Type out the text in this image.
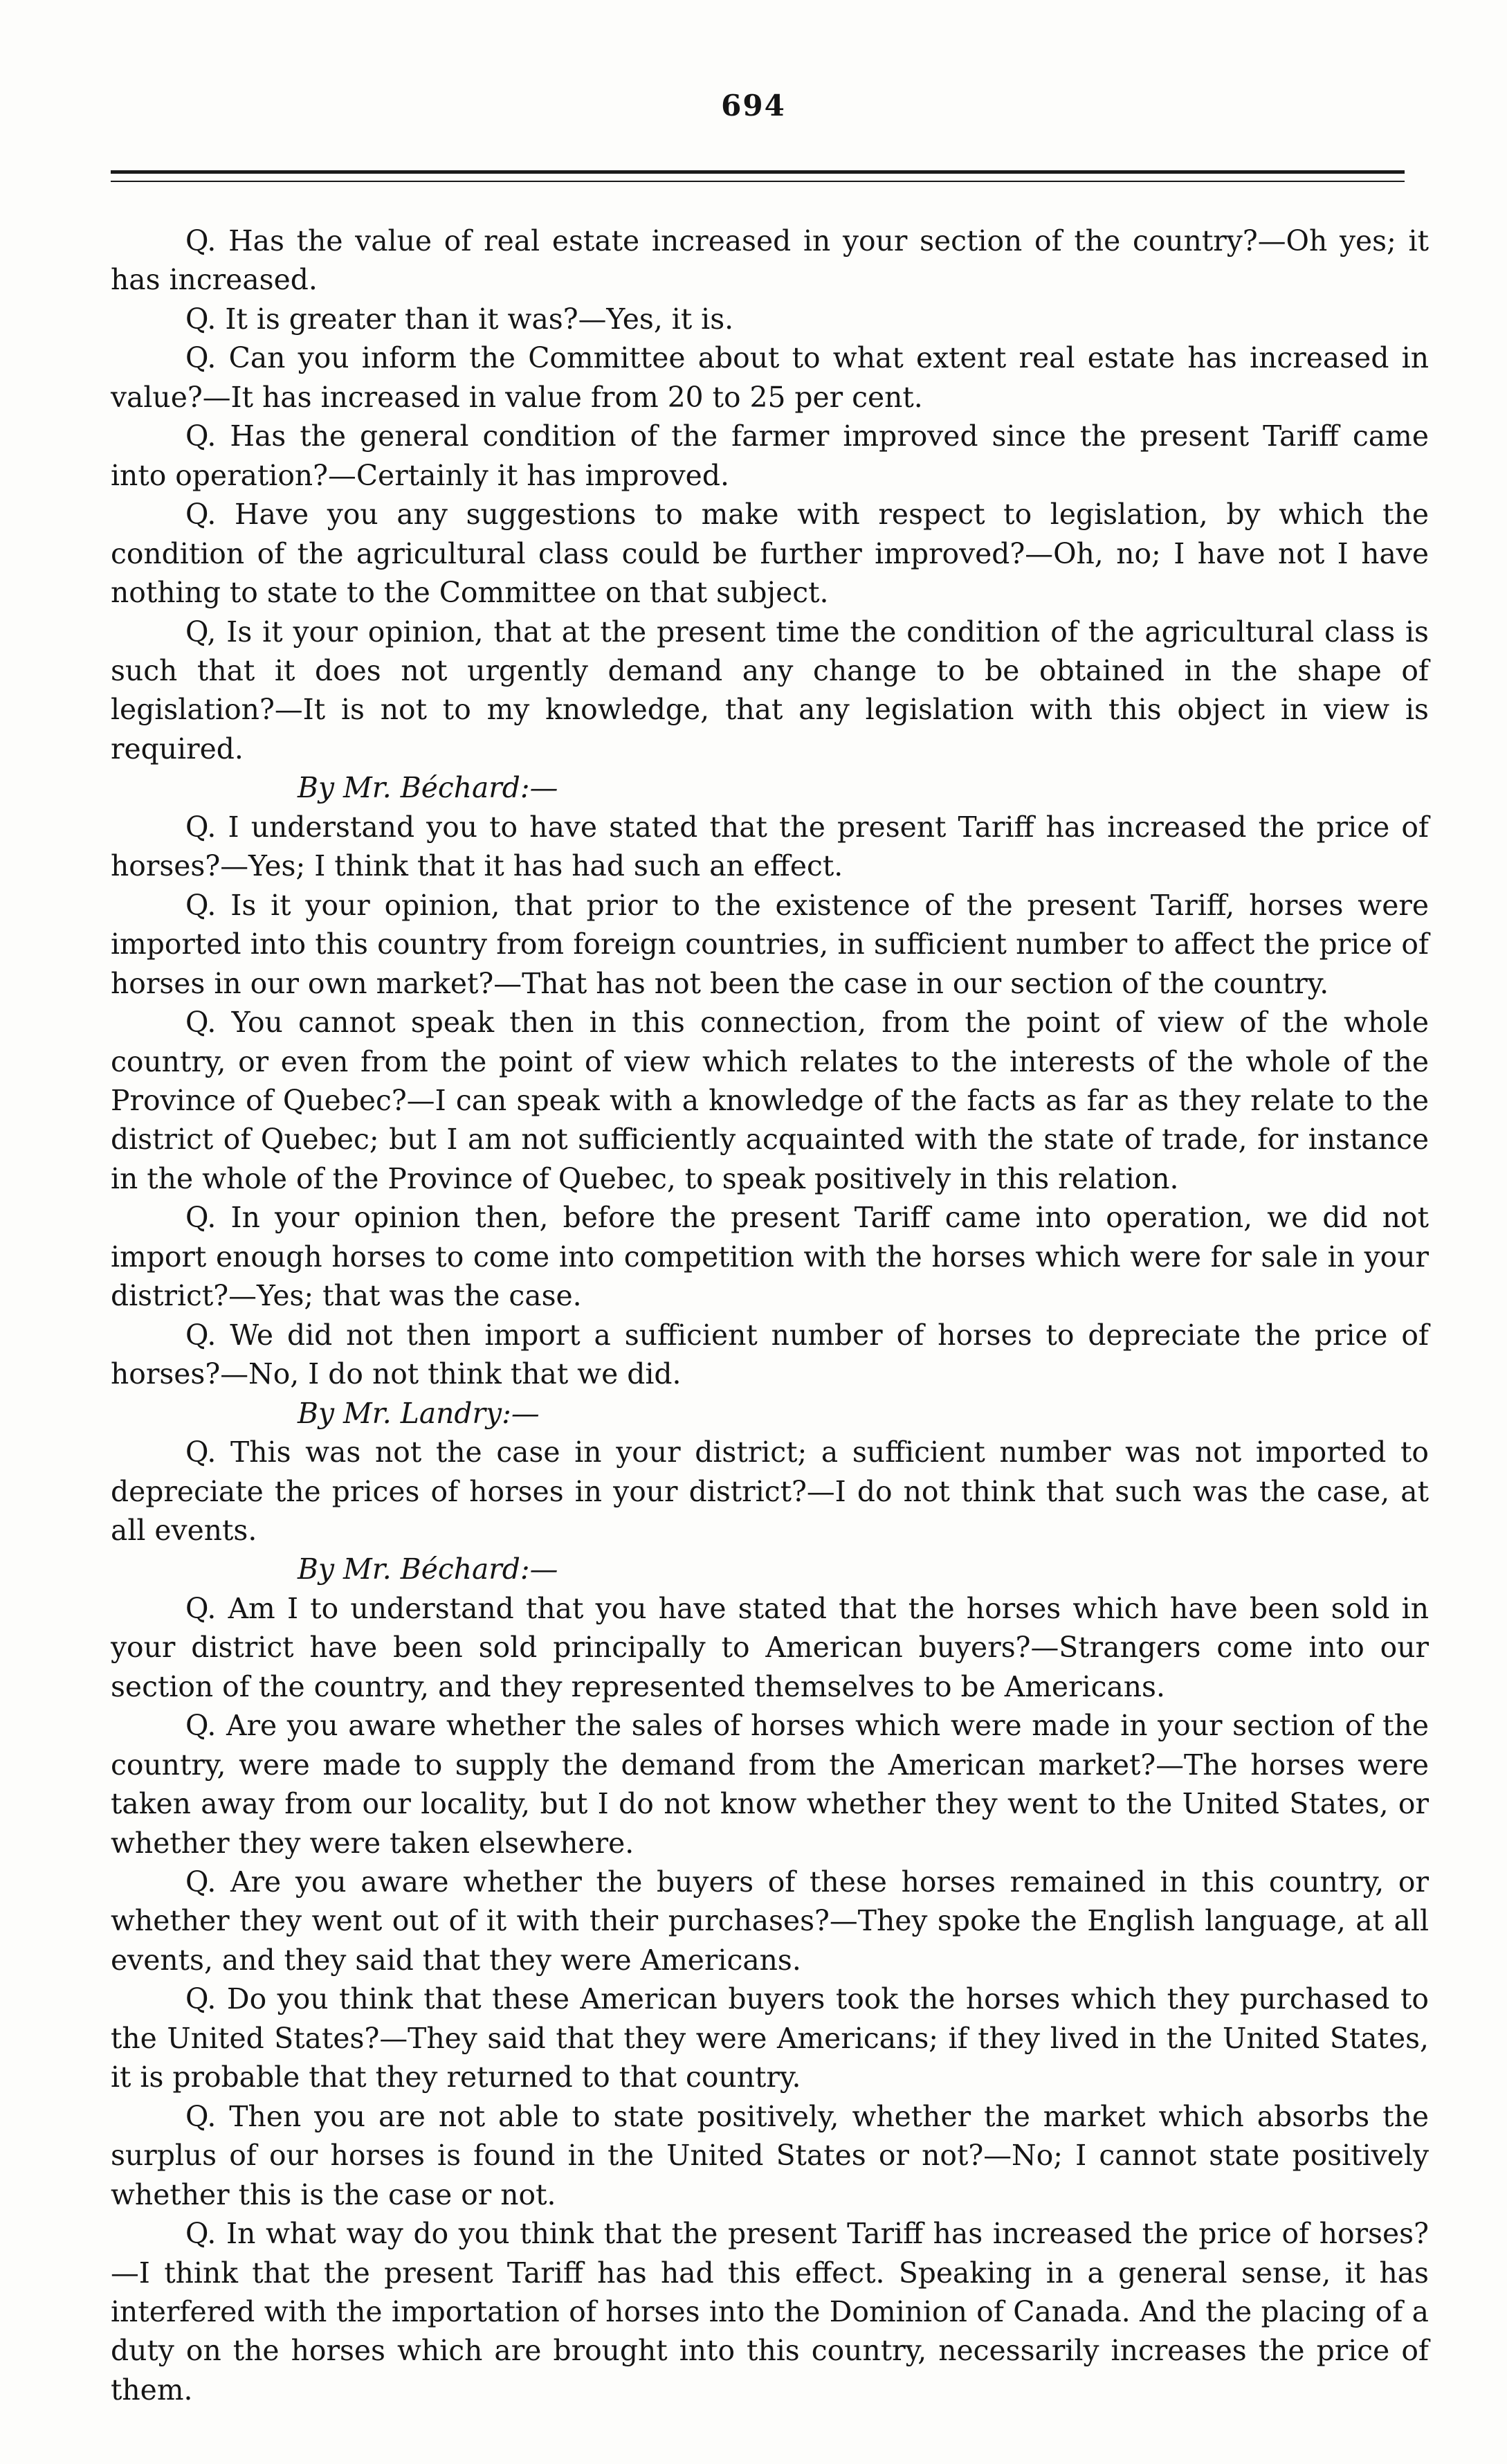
694

Q. Has the value of real estate increased in your section of the country?—Oh yes; it has increased.

Q. It is greater than it was?—Yes, it is.

Q. Can you inform the Committee about to what extent real estate has increased in value?—It has increased in value from 20 to 25 per cent.

Q. Has the general condition of the farmer improved since the present Tariff came into operation?—Certainly it has improved.

Q. Have you any suggestions to make with respect to legislation, by which the condition of the agricultural class could be further improved?—Oh, no; I have not I have nothing to state to the Committee on that subject.

Q, Is it your opinion, that at the present time the condition of the agricultural class is such that it does not urgently demand any change to be obtained in the shape of legislation?—It is not to my knowledge, that any legislation with this object in view is required.

By Mr. Béchard:—

Q. I understand you to have stated that the present Tariff has increased the price of horses?—Yes; I think that it has had such an effect.

Q. Is it your opinion, that prior to the existence of the present Tariff, horses were imported into this country from foreign countries, in sufficient number to affect the price of horses in our own market?—That has not been the case in our section of the country.

Q. You cannot speak then in this connection, from the point of view of the whole country, or even from the point of view which relates to the interests of the whole of the Province of Quebec?—I can speak with a knowledge of the facts as far as they relate to the district of Quebec; but I am not sufficiently acquainted with the state of trade, for instance in the whole of the Province of Quebec, to speak positively in this relation.

Q. In your opinion then, before the present Tariff came into operation, we did not import enough horses to come into competition with the horses which were for sale in your district?—Yes; that was the case.

Q. We did not then import a sufficient number of horses to depreciate the price of horses?—No, I do not think that we did.

By Mr. Landry:—

Q. This was not the case in your district; a sufficient number was not imported to depreciate the prices of horses in your district?—I do not think that such was the case, at all events.

By Mr. Béchard:—

Q. Am I to understand that you have stated that the horses which have been sold in your district have been sold principally to American buyers?—Strangers come into our section of the country, and they represented themselves to be Americans.

Q. Are you aware whether the sales of horses which were made in your section of the country, were made to supply the demand from the American market?—The horses were taken away from our locality, but I do not know whether they went to the United States, or whether they were taken elsewhere.

Q. Are you aware whether the buyers of these horses remained in this country, or whether they went out of it with their purchases?—They spoke the English language, at all events, and they said that they were Americans.

Q. Do you think that these American buyers took the horses which they purchased to the United States?—They said that they were Americans; if they lived in the United States, it is probable that they returned to that country.

Q. Then you are not able to state positively, whether the market which absorbs the surplus of our horses is found in the United States or not?—No; I cannot state positively whether this is the case or not.

Q. In what way do you think that the present Tariff has increased the price of horses?—I think that the present Tariff has had this effect. Speaking in a general sense, it has interfered with the importation of horses into the Dominion of Canada. And the placing of a duty on the horses which are brought into this country, necessarily increases the price of them.
